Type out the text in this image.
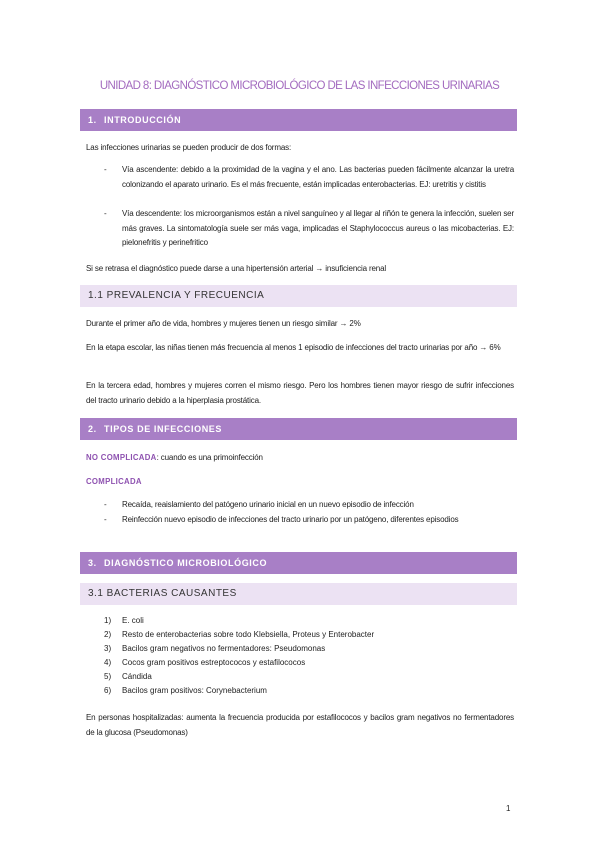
UNIDAD 8: DIAGNÓSTICO MICROBIOLÓGICO DE LAS INFECCIONES URINARIAS
1. INTRODUCCIÓN

Las infecciones urinarias se pueden producir de dos formas:

- Vía ascendente: debido a la proximidad de la vagina y el ano. Las bacterias pueden fácilmente alcanzar la uretra colonizando el aparato urinario. Es el más frecuente, están implicadas enterobacterias. EJ: uretritis y cistitis
- Vía descendente: los microorganismos están a nivel sanguíneo y al llegar al riñón te genera la infección, suelen ser más graves. La sintomatología suele ser más vaga, implicadas el Staphylococcus aureus o las micobacterias. EJ: pielonefritis y perinefritico

Si se retrasa el diagnóstico puede darse a una hipertensión arterial → insuficiencia renal

1.1 PREVALENCIA Y FRECUENCIA

Durante el primer año de vida, hombres y mujeres tienen un riesgo similar → 2%

En la etapa escolar, las niñas tienen más frecuencia al menos 1 episodio de infecciones del tracto urinarias por año → 6%

En la tercera edad, hombres y mujeres corren el mismo riesgo. Pero los hombres tienen mayor riesgo de sufrir infecciones del tracto urinario debido a la hiperplasia prostática.

2. TIPOS DE INFECCIONES

NO COMPLICADA: cuando es una primoinfección

COMPLICADA

- Recaída, reaislamiento del patógeno urinario inicial en un nuevo episodio de infección
- Reinfección nuevo episodio de infecciones del tracto urinario por un patógeno, diferentes episodios
3. DIAGNÓSTICO MICROBIOLÓGICO
3.1 BACTERIAS CAUSANTES
1) E. coli
2) Resto de enterobacterias sobre todo Klebsiella, Proteus y Enterobacter
3) Bacilos gram negativos no fermentadores: Pseudomonas
4) Cocos gram positivos estreptococos y estafilococos
5) Cándida
6) Bacilos gram positivos: Corynebacterium

En personas hospitalizadas: aumenta la frecuencia producida por estafilococos y bacilos gram negativos no fermentadores de la glucosa (Pseudomonas)

1
